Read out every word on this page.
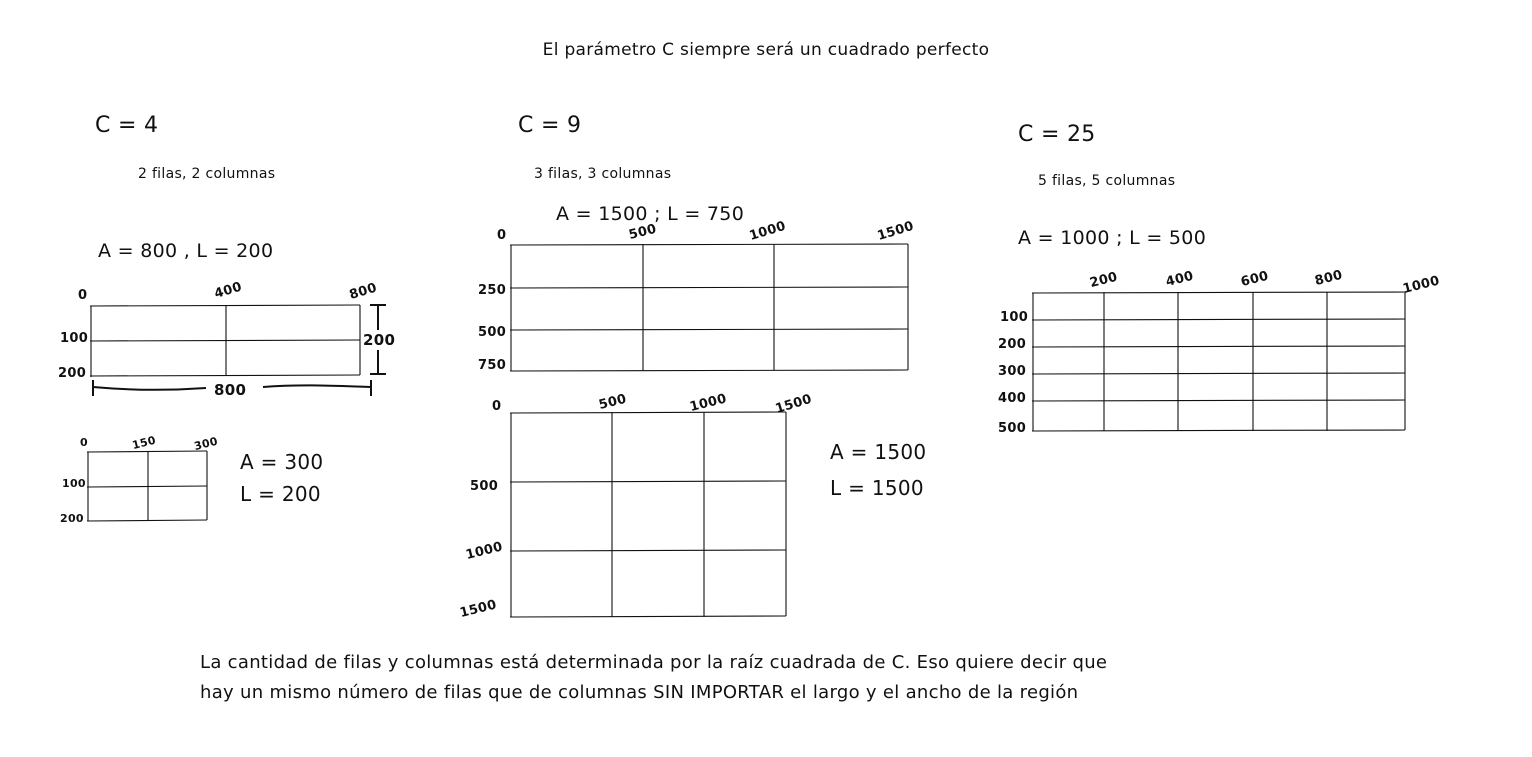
El parámetro C siempre será un cuadrado perfecto
C = 4
2 filas, 2 columnas
A = 800 , L = 200
0	400	800
100
200
800
200
0	150	300
100
200
A = 300
L = 200
C = 9
3 filas, 3 columnas
A = 1500 ; L = 750
0	500	1000	1500
250
500
750
0	500	1000	1500
500
1000
1500
A = 1500
L = 1500
C = 25
5 filas, 5 columnas
A = 1000 ; L = 500
200	400	600	800	1000
100
200
300
400
500
La cantidad de filas y columnas está determinada por la raíz cuadrada de C. Eso quiere decir que
hay un mismo número de filas que de columnas SIN IMPORTAR el largo y el ancho de la región
